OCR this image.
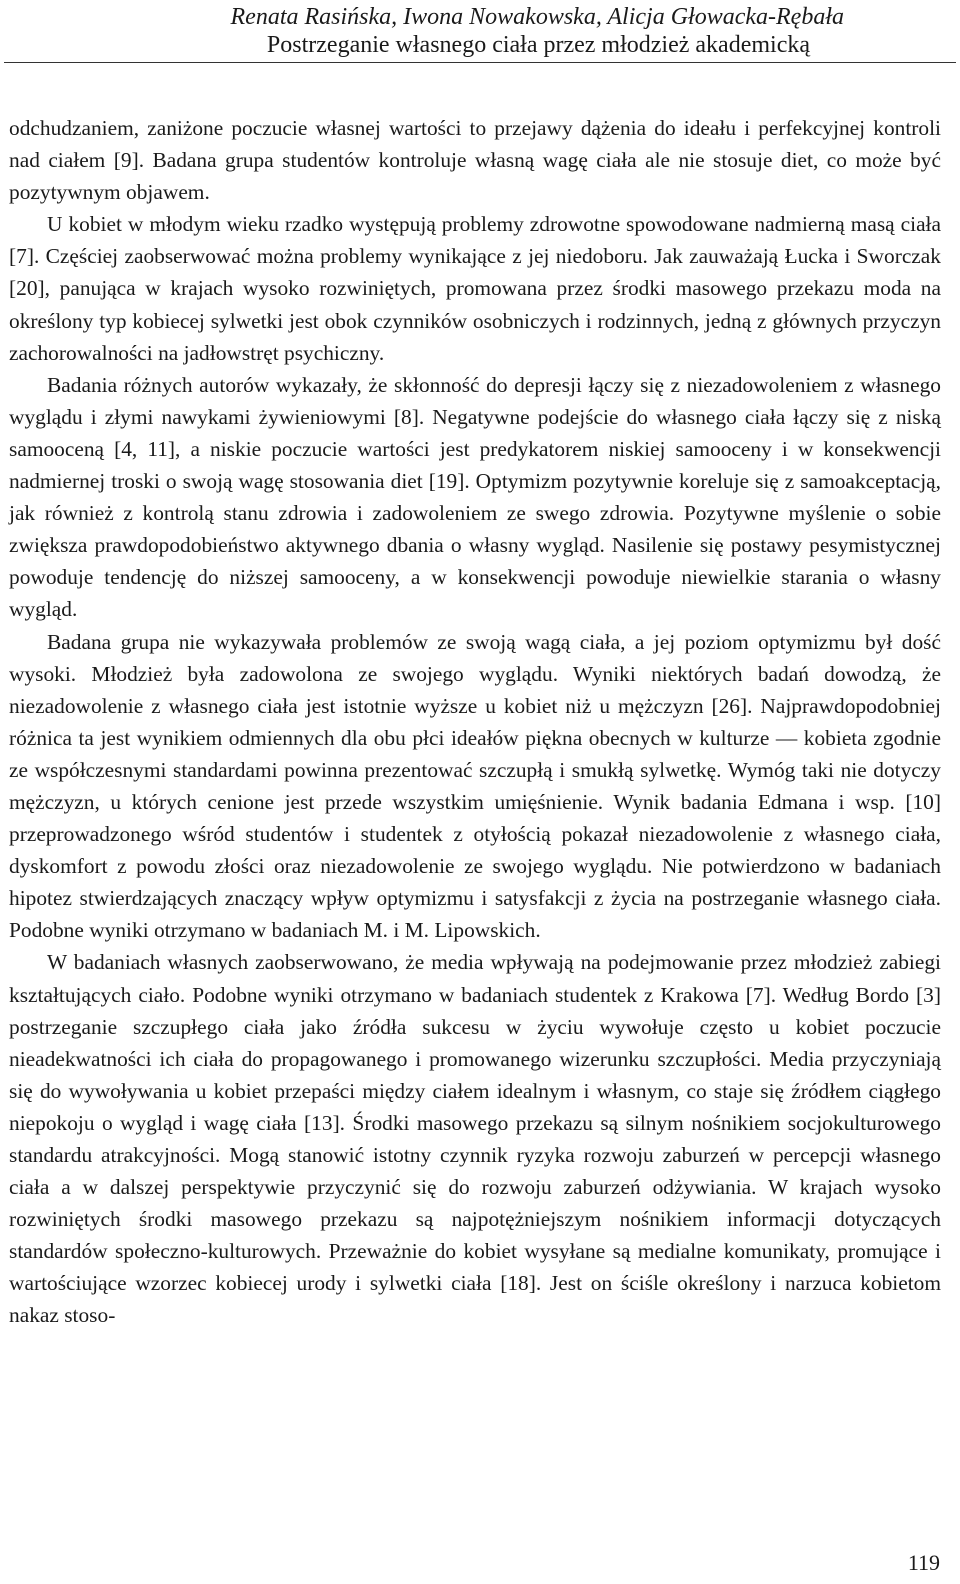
Renata Rasińska, Iwona Nowakowska, Alicja Głowacka-Rębała
Postrzeganie własnego ciała przez młodzież akademicką

odchudzaniem, zaniżone poczucie własnej wartości to przejawy dążenia do ideału i perfekcyjnej kontroli nad ciałem [9]. Badana grupa studentów kontroluje własną wagę ciała ale nie stosuje diet, co może być pozytywnym objawem.

U kobiet w młodym wieku rzadko występują problemy zdrowotne spowodowane nadmierną masą ciała [7]. Częściej zaobserwować można problemy wynikające z jej niedoboru. Jak zauważają Łucka i Sworczak [20], panująca w krajach wysoko rozwiniętych, promowana przez środki masowego przekazu moda na określony typ kobiecej sylwetki jest obok czynników osobniczych i rodzinnych, jedną z głównych przyczyn zachorowalności na jadłowstręt psychiczny.

Badania różnych autorów wykazały, że skłonność do depresji łączy się z niezadowoleniem z własnego wyglądu i złymi nawykami żywieniowymi [8]. Negatywne podejście do własnego ciała łączy się z niską samooceną [4, 11], a niskie poczucie wartości jest predykatorem niskiej samooceny i w konsekwencji nadmiernej troski o swoją wagę stosowania diet [19]. Optymizm pozytywnie koreluje się z samoakceptacją, jak również z kontrolą stanu zdrowia i zadowoleniem ze swego zdrowia. Pozytywne myślenie o sobie zwiększa prawdopodobieństwo aktywnego dbania o własny wygląd. Nasilenie się postawy pesymistycznej powoduje tendencję do niższej samooceny, a w konsekwencji powoduje niewielkie starania o własny wygląd.

Badana grupa nie wykazywała problemów ze swoją wagą ciała, a jej poziom optymizmu był dość wysoki. Młodzież była zadowolona ze swojego wyglądu. Wyniki niektórych badań dowodzą, że niezadowolenie z własnego ciała jest istotnie wyższe u kobiet niż u mężczyzn [26]. Najprawdopodobniej różnica ta jest wynikiem odmiennych dla obu płci ideałów piękna obecnych w kulturze — kobieta zgodnie ze współczesnymi standardami powinna prezentować szczupłą i smukłą sylwetkę. Wymóg taki nie dotyczy mężczyzn, u których cenione jest przede wszystkim umięśnienie. Wynik badania Edmana i wsp. [10] przeprowadzonego wśród studentów i studentek z otyłością pokazał niezadowolenie z własnego ciała, dyskomfort z powodu złości oraz niezadowolenie ze swojego wyglądu. Nie potwierdzono w badaniach hipotez stwierdzających znaczący wpływ optymizmu i satysfakcji z życia na postrzeganie własnego ciała. Podobne wyniki otrzymano w badaniach M. i M. Lipowskich.

W badaniach własnych zaobserwowano, że media wpływają na podejmowanie przez młodzież zabiegi kształtujących ciało. Podobne wyniki otrzymano w badaniach studentek z Krakowa [7]. Według Bordo [3] postrzeganie szczupłego ciała jako źródła sukcesu w życiu wywołuje często u kobiet poczucie nieadekwatności ich ciała do propagowanego i promowanego wizerunku szczupłości. Media przyczyniają się do wywoływania u kobiet przepaści między ciałem idealnym i własnym, co staje się źródłem ciągłego niepokoju o wygląd i wagę ciała [13]. Środki masowego przekazu są silnym nośnikiem socjokulturowego standardu atrakcyjności. Mogą stanowić istotny czynnik ryzyka rozwoju zaburzeń w percepcji własnego ciała a w dalszej perspektywie przyczynić się do rozwoju zaburzeń odżywiania. W krajach wysoko rozwiniętych środki masowego przekazu są najpotężniejszym nośnikiem informacji dotyczących standardów społeczno-kulturowych. Przeważnie do kobiet wysyłane są medialne komunikaty, promujące i wartościujące wzorzec kobiecej urody i sylwetki ciała [18]. Jest on ściśle określony i narzuca kobietom nakaz stoso-

119
